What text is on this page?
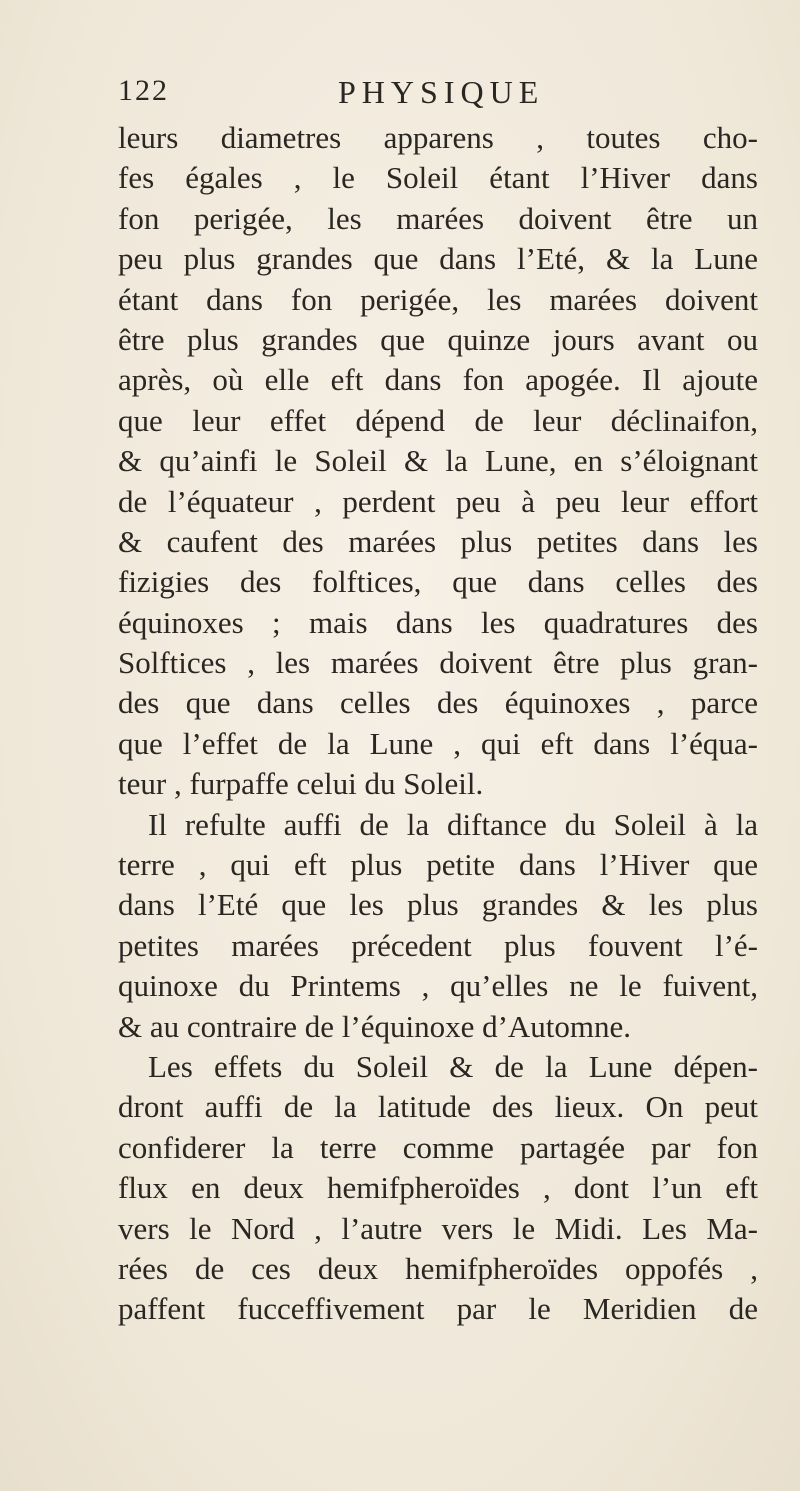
122	PHYSIQUE
leurs diametres apparens , toutes cho-
fes égales , le Soleil étant l’Hiver dans
fon perigée, les marées doivent être un
peu plus grandes que dans l’Eté, & la Lune
étant dans fon perigée, les marées doivent
être plus grandes que quinze jours avant ou
après, où elle eft dans fon apogée. Il ajoute
que leur effet dépend de leur déclinaifon,
& qu’ainfi le Soleil & la Lune, en s’éloignant
de l’équateur , perdent peu à peu leur effort
& caufent des marées plus petites dans les
fizigies des folftices, que dans celles des
équinoxes ; mais dans les quadratures des
Solftices , les marées doivent être plus gran-
des que dans celles des équinoxes , parce
que l’effet de la Lune , qui eft dans l’équa-
teur , furpaffe celui du Soleil.
Il refulte auffi de la diftance du Soleil à la
terre , qui eft plus petite dans l’Hiver que
dans l’Eté que les plus grandes & les plus
petites marées précedent plus fouvent l’é-
quinoxe du Printems , qu’elles ne le fuivent,
& au contraire de l’équinoxe d’Automne.
Les effets du Soleil & de la Lune dépen-
dront auffi de la latitude des lieux. On peut
confiderer la terre comme partagée par fon
flux en deux hemifpheroïdes , dont l’un eft
vers le Nord , l’autre vers le Midi. Les Ma-
rées de ces deux hemifpheroïdes oppofés ,
paffent fucceffivement par le Meridien de
